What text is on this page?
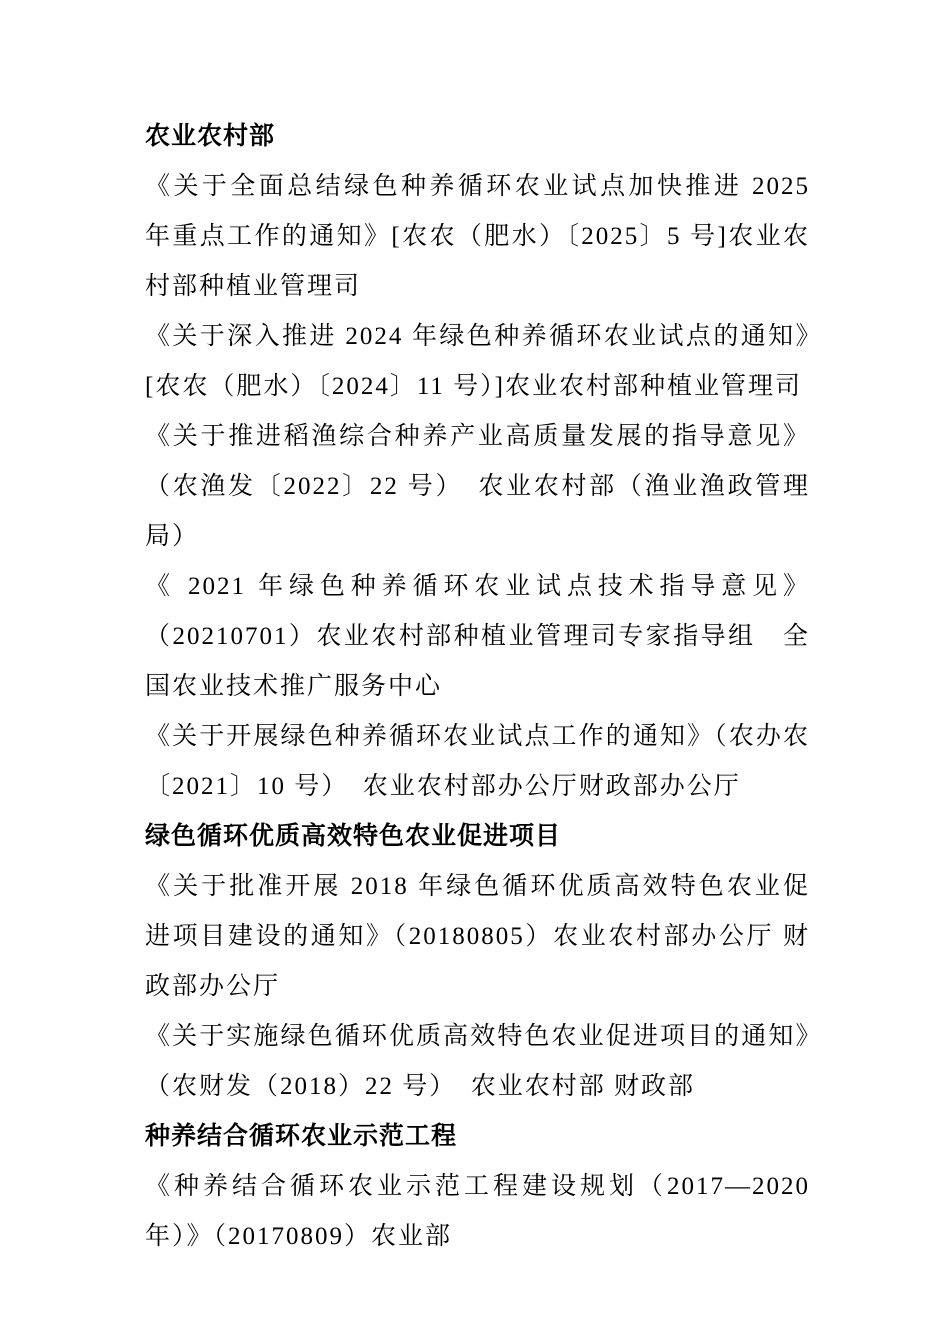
农业农村部

《关于全面总结绿色种养循环农业试点加快推进 2025 年重点工作的通知》[农农（肥水）〔2025〕5 号]农业农村部种植业管理司

《关于深入推进 2024 年绿色种养循环农业试点的通知》[农农（肥水）〔2024〕11 号）]农业农村部种植业管理司

《关于推进稻渔综合种养产业高质量发展的指导意见》（农渔发〔2022〕22 号）　农业农村部（渔业渔政管理局）

《 2021 年绿色种养循环农业试点技术指导意见》（20210701）农业农村部种植业管理司专家指导组　全国农业技术推广服务中心

《关于开展绿色种养循环农业试点工作的通知》（农办农〔2021〕10 号）　农业农村部办公厅财政部办公厅

绿色循环优质高效特色农业促进项目

《关于批准开展 2018 年绿色循环优质高效特色农业促进项目建设的通知》（20180805）农业农村部办公厅 财政部办公厅

《关于实施绿色循环优质高效特色农业促进项目的通知》（农财发（2018）22 号）　农业农村部 财政部

种养结合循环农业示范工程

《种养结合循环农业示范工程建设规划（2017—2020 年）》（20170809）农业部
